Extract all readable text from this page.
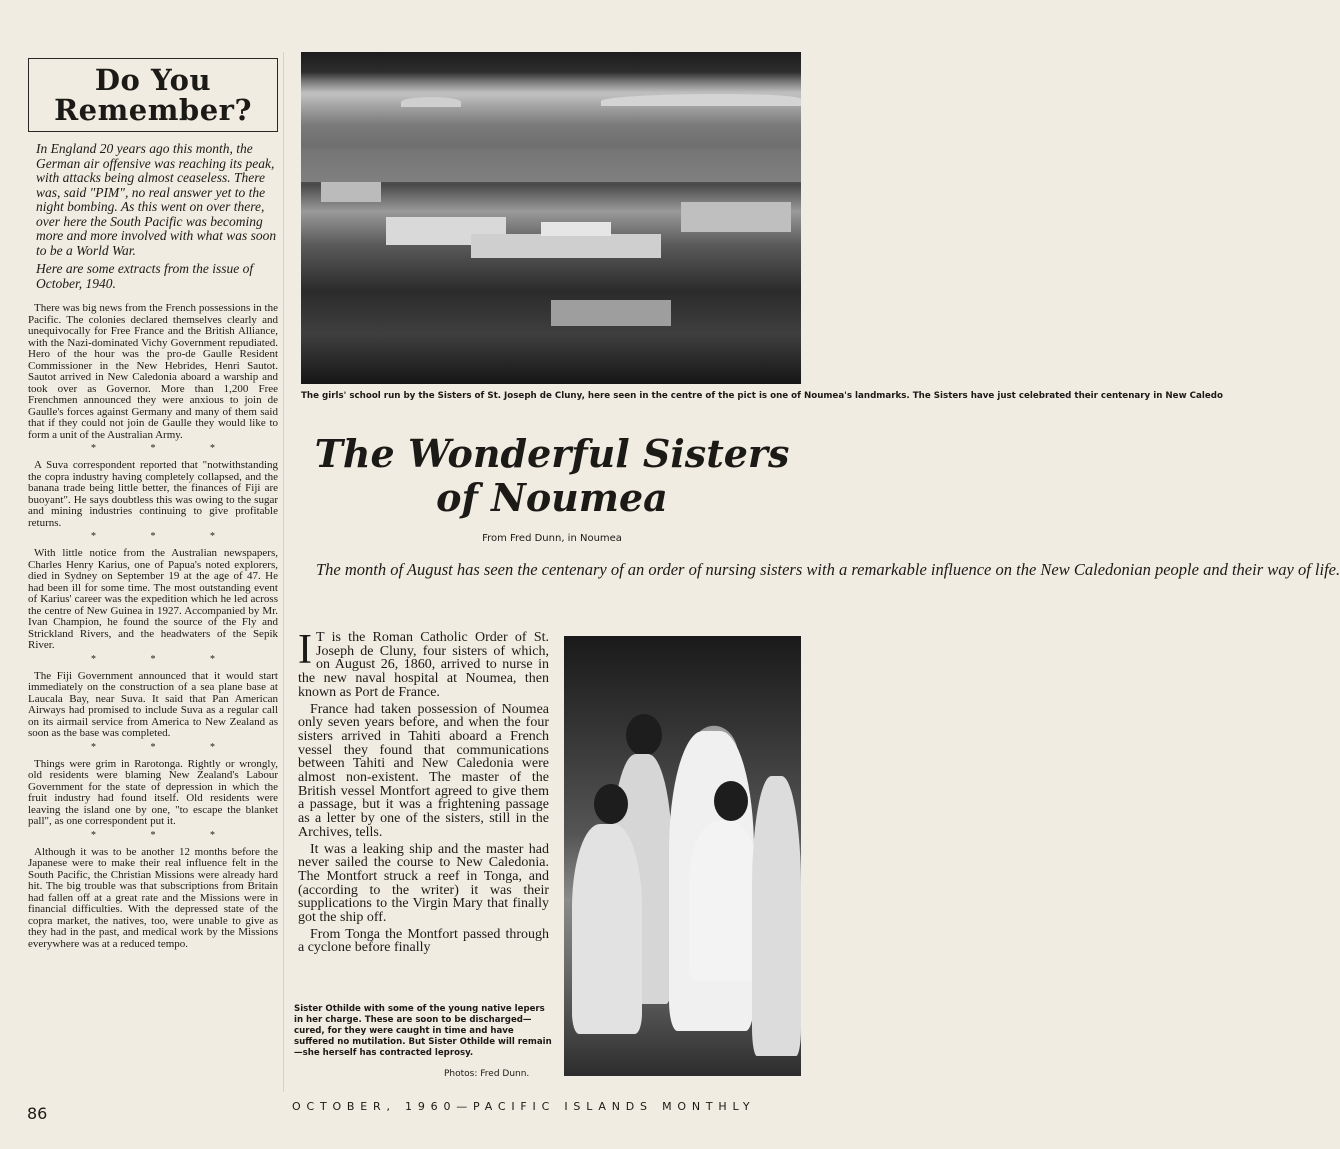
Do You Remember?
In England 20 years ago this month, the German air offensive was reaching its peak, with attacks being almost ceaseless. There was, said "PIM", no real answer yet to the night bombing. As this went on over there, over here the South Pacific was becoming more and more involved with what was soon to be a World War.
Here are some extracts from the issue of October, 1940.

There was big news from the French possessions in the Pacific. The colonies declared themselves clearly and unequivocally for Free France and the British Alliance, with the Nazi-dominated Vichy Government repudiated. Hero of the hour was the pro-de Gaulle Resident Commissioner in the New Hebrides, Henri Sautot. Sautot arrived in New Caledonia aboard a warship and took over as Governor. More than 1,200 Free Frenchmen announced they were anxious to join de Gaulle's forces against Germany and many of them said that if they could not join de Gaulle they would like to form a unit of the Australian Army.

* * *

A Suva correspondent reported that "notwithstanding the copra industry having completely collapsed, and the banana trade being little better, the finances of Fiji are buoyant". He says doubtless this was owing to the sugar and mining industries continuing to give profitable returns.

* * *

With little notice from the Australian newspapers, Charles Henry Karius, one of Papua's noted explorers, died in Sydney on September 19 at the age of 47. He had been ill for some time. The most outstanding event of Karius' career was the expedition which he led across the centre of New Guinea in 1927. Accompanied by Mr. Ivan Champion, he found the source of the Fly and Strickland Rivers, and the headwaters of the Sepik River.

* * *

The Fiji Government announced that it would start immediately on the construction of a sea plane base at Laucala Bay, near Suva. It said that Pan American Airways had promised to include Suva as a regular call on its airmail service from America to New Zealand as soon as the base was completed.

* * *

Things were grim in Rarotonga. Rightly or wrongly, old residents were blaming New Zealand's Labour Government for the state of depression in which the fruit industry had found itself. Old residents were leaving the island one by one, "to escape the blanket pall", as one correspondent put it.

* * *

Although it was to be another 12 months before the Japanese were to make their real influence felt in the South Pacific, the Christian Missions were already hard hit. The big trouble was that subscriptions from Britain had fallen off at a great rate and the Missions were in financial difficulties. With the depressed state of the copra market, the natives, too, were unable to give as they had in the past, and medical work by the Missions everywhere was at a reduced tempo.

The girls' school run by the Sisters of St. Joseph de Cluny, here seen in the centre of the pict is one of Noumea's landmarks. The Sisters have just celebrated their centenary in New Caledo
The Wonderful Sisters of Noumea
From Fred Dunn, in Noumea
The month of August has seen the centenary of an order of nursing sisters with a remarkable influence on the New Caledonian people and their way of life.

I T is the Roman Catholic Order of St. Joseph de Cluny, four sisters of which, on August 26, 1860, arrived to nurse in the new naval hospital at Noumea, then known as Port de France.

France had taken possession of Noumea only seven years before, and when the four sisters arrived in Tahiti aboard a French vessel they found that communications between Tahiti and New Caledonia were almost non-existent. The master of the British vessel Montfort agreed to give them a passage, but it was a frightening passage as a letter by one of the sisters, still in the Archives, tells.

It was a leaking ship and the master had never sailed the course to New Caledonia. The Montfort struck a reef in Tonga, and (according to the writer) it was their supplications to the Virgin Mary that finally got the ship off.

From Tonga the Montfort passed through a cyclone before finally

Sister Othilde with some of the young native lepers in her charge. These are soon to be discharged—cured, for they were caught in time and have suffered no mutilation. But Sister Othilde will remain—she herself has contracted leprosy.
Photos: Fred Dunn.
86	OCTOBER, 1960—PACIFIC ISLANDS MONTHLY
